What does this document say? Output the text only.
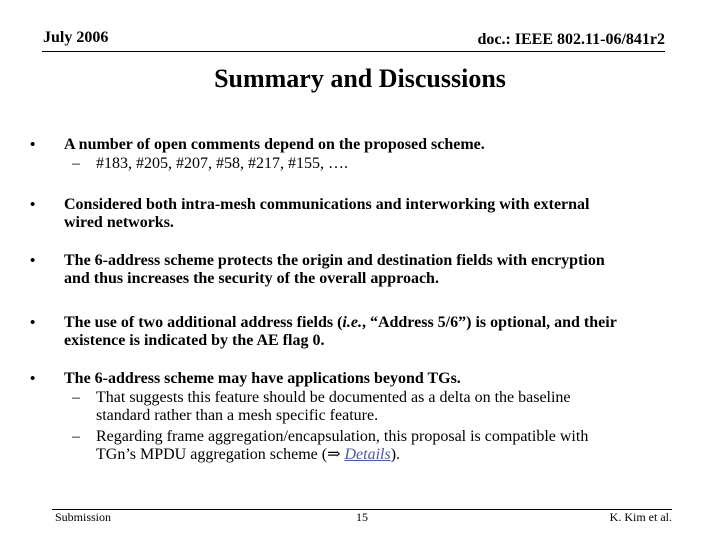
July 2006	doc.: IEEE 802.11-06/841r2
Summary and Discussions
• A number of open comments depend on the proposed scheme.
– #183, #205, #207, #58, #217, #155, ….
• Considered both intra-mesh communications and interworking with external
wired networks.
• The 6-address scheme protects the origin and destination fields with encryption
and thus increases the security of the overall approach.
• The use of two additional address fields (i.e., “Address 5/6”) is optional, and their
existence is indicated by the AE flag 0.
• The 6-address scheme may have applications beyond TGs.
– That suggests this feature should be documented as a delta on the baseline
standard rather than a mesh specific feature.
– Regarding frame aggregation/encapsulation, this proposal is compatible with
TGn’s MPDU aggregation scheme (⇒ Details).
Submission	15	K. Kim et al.
